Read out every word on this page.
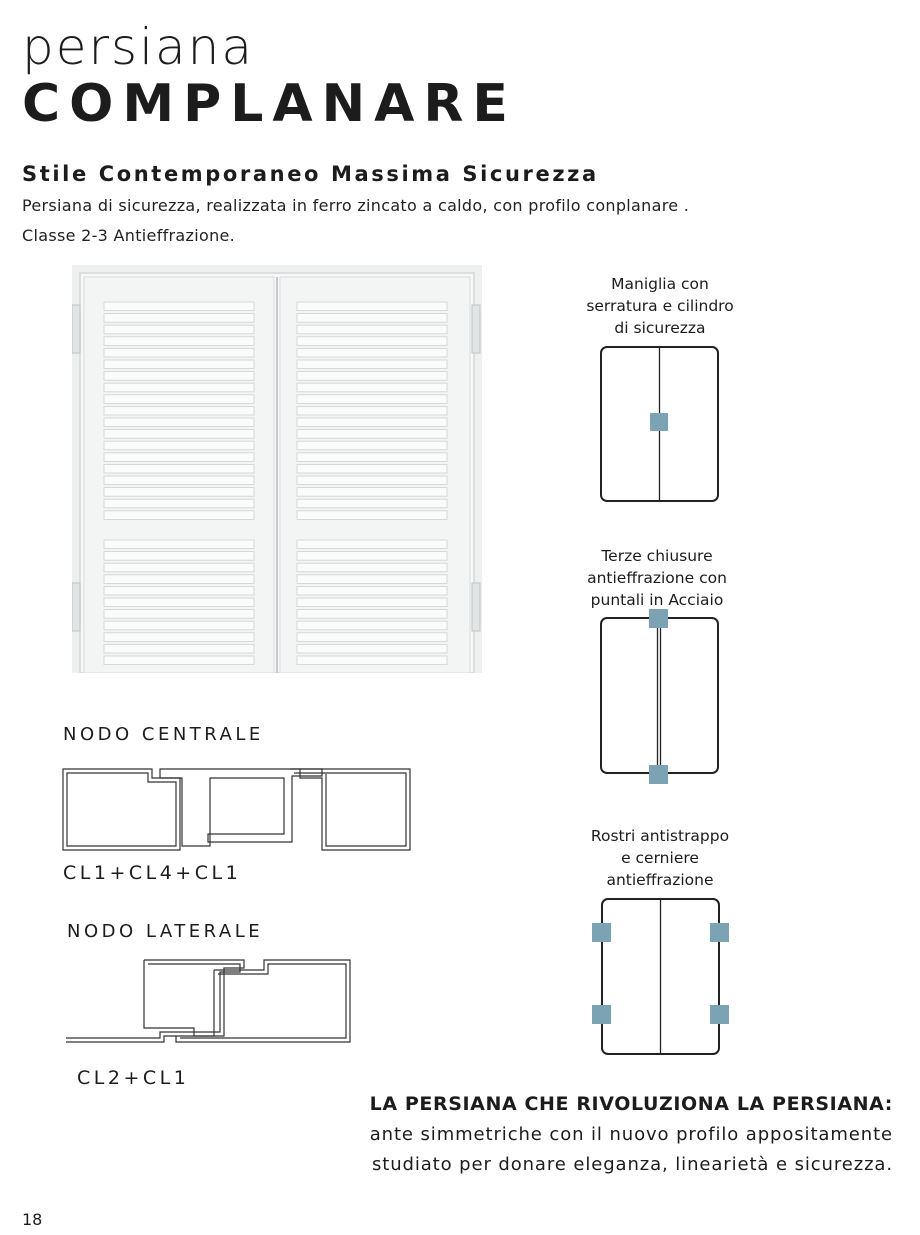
persiana
COMPLANARE
Stile Contemporaneo Massima Sicurezza
Persiana di sicurezza, realizzata in ferro zincato a caldo, con profilo conplanare .
Classe 2-3 Antieffrazione.
NODO CENTRALE
CL1+CL4+CL1
NODO LATERALE
CL2+CL1
Maniglia con
serratura e cilindro
di sicurezza
Terze chiusure
antieffrazione con
puntali in Acciaio
Rostri antistrappo
e cerniere
antieffrazione
LA PERSIANA CHE RIVOLUZIONA LA PERSIANA:
ante simmetriche con il nuovo profilo appositamente
studiato per donare eleganza, linearietà e sicurezza.
18
